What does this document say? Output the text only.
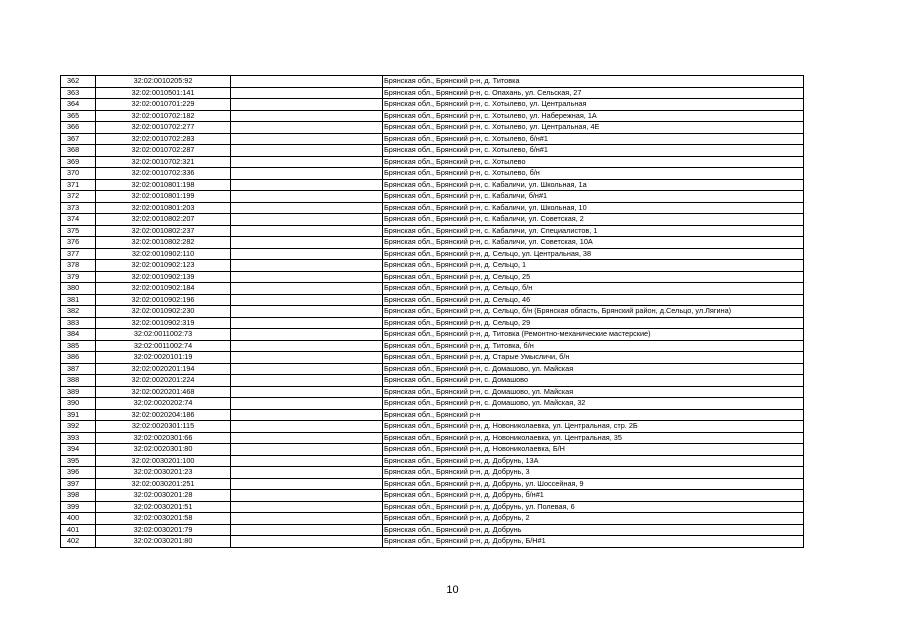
362	32:02:0010205:92		Брянская обл., Брянский р-н, д. Титовка
363	32:02:0010501:141		Брянская обл., Брянский р-н, с. Опахань, ул. Сельская, 27
364	32:02:0010701:229		Брянская обл., Брянский р-н, с. Хотылево, ул. Центральная
365	32:02:0010702:182		Брянская обл., Брянский р-н, с. Хотылево, ул. Набережная, 1А
366	32:02:0010702:277		Брянская обл., Брянский р-н, с. Хотылево, ул. Центральная, 4Е
367	32:02:0010702:283		Брянская обл., Брянский р-н, с. Хотылево, б/н#1
368	32:02:0010702:287		Брянская обл., Брянский р-н, с. Хотылево, б/н#1
369	32:02:0010702:321		Брянская обл., Брянский р-н, с. Хотылево
370	32:02:0010702:336		Брянская обл., Брянский р-н, с. Хотылево, б/н
371	32:02:0010801:198		Брянская обл., Брянский р-н, с. Кабаличи, ул. Школьная, 1а
372	32:02:0010801:199		Брянская обл., Брянский р-н, с. Кабаличи, б/н#1
373	32:02:0010801:203		Брянская обл., Брянский р-н, с. Кабаличи, ул. Школьная, 10
374	32:02:0010802:207		Брянская обл., Брянский р-н, с. Кабаличи, ул. Советская, 2
375	32:02:0010802:237		Брянская обл., Брянский р-н, с. Кабаличи, ул. Специалистов, 1
376	32:02:0010802:282		Брянская обл., Брянский р-н, с. Кабаличи, ул. Советская, 10А
377	32:02:0010902:110		Брянская обл., Брянский р-н, д. Сельцо, ул. Центральная, 38
378	32:02:0010902:123		Брянская обл., Брянский р-н, д. Сельцо, 1
379	32:02:0010902:139		Брянская обл., Брянский р-н, д. Сельцо, 25
380	32:02:0010902:184		Брянская обл., Брянский р-н, д. Сельцо, б/н
381	32:02:0010902:196		Брянская обл., Брянский р-н, д. Сельцо, 46
382	32:02:0010902:230		Брянская обл., Брянский р-н, д. Сельцо, б/н (Брянская область, Брянский район, д.Сельцо, ул.Лягина)
383	32:02:0010902:319		Брянская обл., Брянский р-н, д. Сельцо, 29
384	32:02:0011002:73		Брянская обл., Брянский р-н, д. Титовка (Ремонтно-механические мастерские)
385	32:02:0011002:74		Брянская обл., Брянский р-н, д. Титовка, б/н
386	32:02:0020101:19		Брянская обл., Брянский р-н, д. Старые Умысличи, б/н
387	32:02:0020201:194		Брянская обл., Брянский р-н, с. Домашово, ул. Майская
388	32:02:0020201:224		Брянская обл., Брянский р-н, с. Домашово
389	32:02:0020201:468		Брянская обл., Брянский р-н, с. Домашово, ул. Майская
390	32:02:0020202:74		Брянская обл., Брянский р-н, с. Домашово, ул. Майская, 32
391	32:02:0020204:186		Брянская обл., Брянский р-н
392	32:02:0020301:115		Брянская обл., Брянский р-н, д. Новониколаевка, ул. Центральная, стр. 2Б
393	32:02:0020301:66		Брянская обл., Брянский р-н, д. Новониколаевка, ул. Центральная, 35
394	32:02:0020301:80		Брянская обл., Брянский р-н, д. Новониколаевка, Б/Н
395	32:02:0030201:100		Брянская обл., Брянский р-н, д. Добрунь, 13А
396	32:02:0030201:23		Брянская обл., Брянский р-н, д. Добрунь, 3
397	32:02:0030201:251		Брянская обл., Брянский р-н, д. Добрунь, ул. Шоссейная, 9
398	32:02:0030201:28		Брянская обл., Брянский р-н, д. Добрунь, б/н#1
399	32:02:0030201:51		Брянская обл., Брянский р-н, д. Добрунь, ул. Полевая, 6
400	32:02:0030201:58		Брянская обл., Брянский р-н, д. Добрунь, 2
401	32:02:0030201:79		Брянская обл., Брянский р-н, д. Добрунь
402	32:02:0030201:80		Брянская обл., Брянский р-н, д. Добрунь, Б/Н#1
10
